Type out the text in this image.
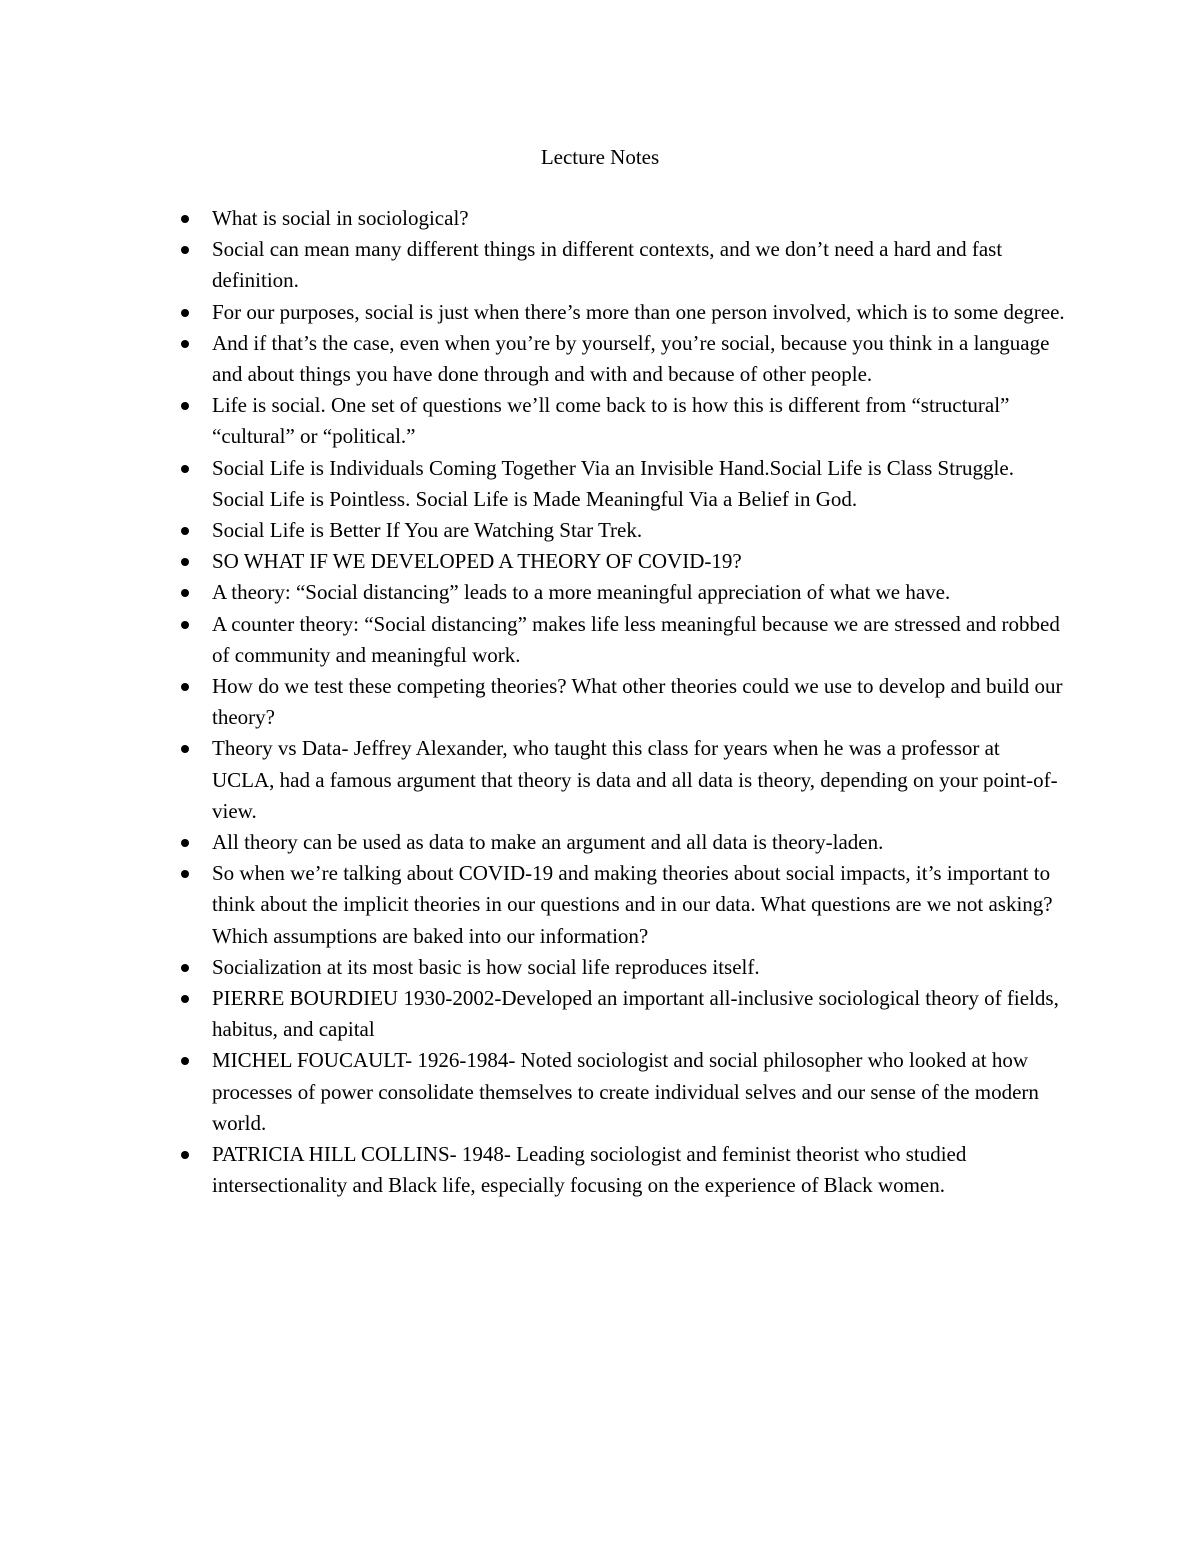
Lecture Notes
What is social in sociological?
Social can mean many different things in different contexts, and we don’t need a hard and fast definition.
For our purposes, social is just when there’s more than one person involved, which is to some degree.
And if that’s the case, even when you’re by yourself, you’re social, because you think in a language and about things you have done through and with and because of other people.
Life is social. One set of questions we’ll come back to is how this is different from “structural” “cultural” or “political.”
Social Life is Individuals Coming Together Via an Invisible Hand.Social Life is Class Struggle. Social Life is Pointless. Social Life is Made Meaningful Via a Belief in God.
Social Life is Better If You are Watching Star Trek.
SO WHAT IF WE DEVELOPED A THEORY OF COVID-19?
A theory: “Social distancing” leads to a more meaningful appreciation of what we have.
A counter theory: “Social distancing” makes life less meaningful because we are stressed and robbed of community and meaningful work.
How do we test these competing theories? What other theories could we use to develop and build our theory?
Theory vs Data- Jeffrey Alexander, who taught this class for years when he was a professor at UCLA, had a famous argument that theory is data and all data is theory, depending on your point-of-view.
All theory can be used as data to make an argument and all data is theory-laden.
So when we’re talking about COVID-19 and making theories about social impacts, it’s important to think about the implicit theories in our questions and in our data. What questions are we not asking? Which assumptions are baked into our information?
Socialization at its most basic is how social life reproduces itself.
PIERRE BOURDIEU 1930-2002-Developed an important all-inclusive sociological theory of fields, habitus, and capital
MICHEL FOUCAULT- 1926-1984- Noted sociologist and social philosopher who looked at how processes of power consolidate themselves to create individual selves and our sense of the modern world.
PATRICIA HILL COLLINS- 1948- Leading sociologist and feminist theorist who studied intersectionality and Black life, especially focusing on the experience of Black women.
